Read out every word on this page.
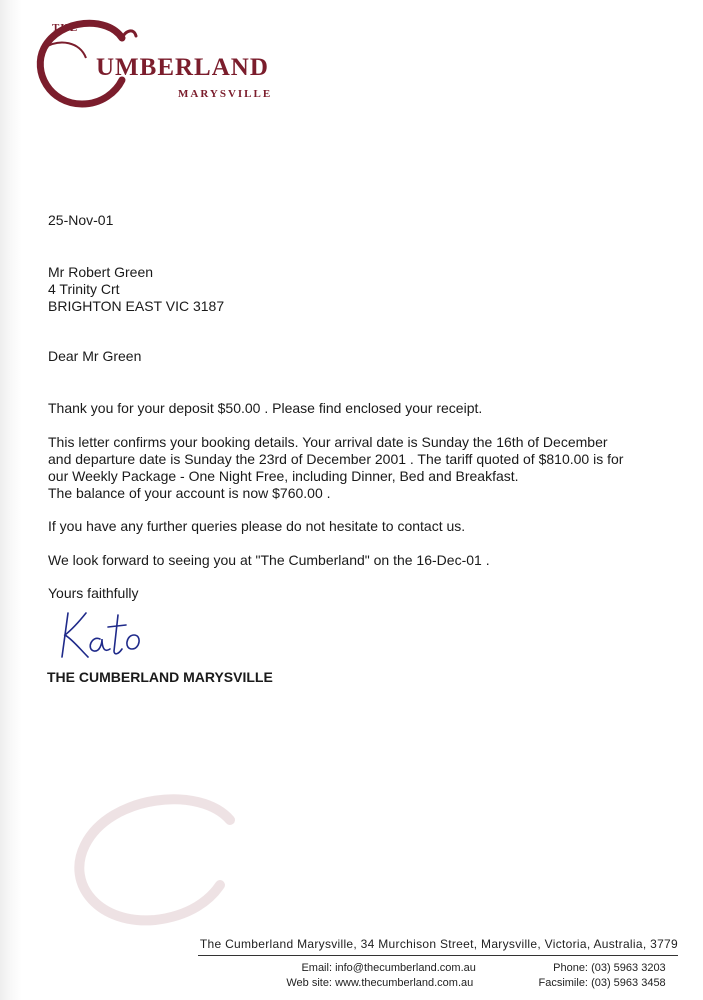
THE
UMBERLAND
MARYSVILLE
25-Nov-01
Mr Robert Green
4 Trinity Crt
BRIGHTON EAST VIC 3187
Dear Mr Green
Thank you for your deposit $50.00 . Please find enclosed your receipt.
This letter confirms your booking details. Your arrival date is Sunday the 16th of December
and departure date is Sunday the 23rd of December 2001 . The tariff quoted of $810.00 is for
our Weekly Package - One Night Free, including Dinner, Bed and Breakfast.
The balance of your account is now $760.00 .
If you have any further queries please do not hesitate to contact us.
We look forward to seeing you at "The Cumberland" on the 16-Dec-01 .
Yours faithfully
THE CUMBERLAND MARYSVILLE
The Cumberland Marysville, 34 Murchison Street, Marysville, Victoria, Australia, 3779
Email: info@thecumberland.com.au
Web site: www.thecumberland.com.au
Phone: (03) 5963 3203
Facsimile: (03) 5963 3458
